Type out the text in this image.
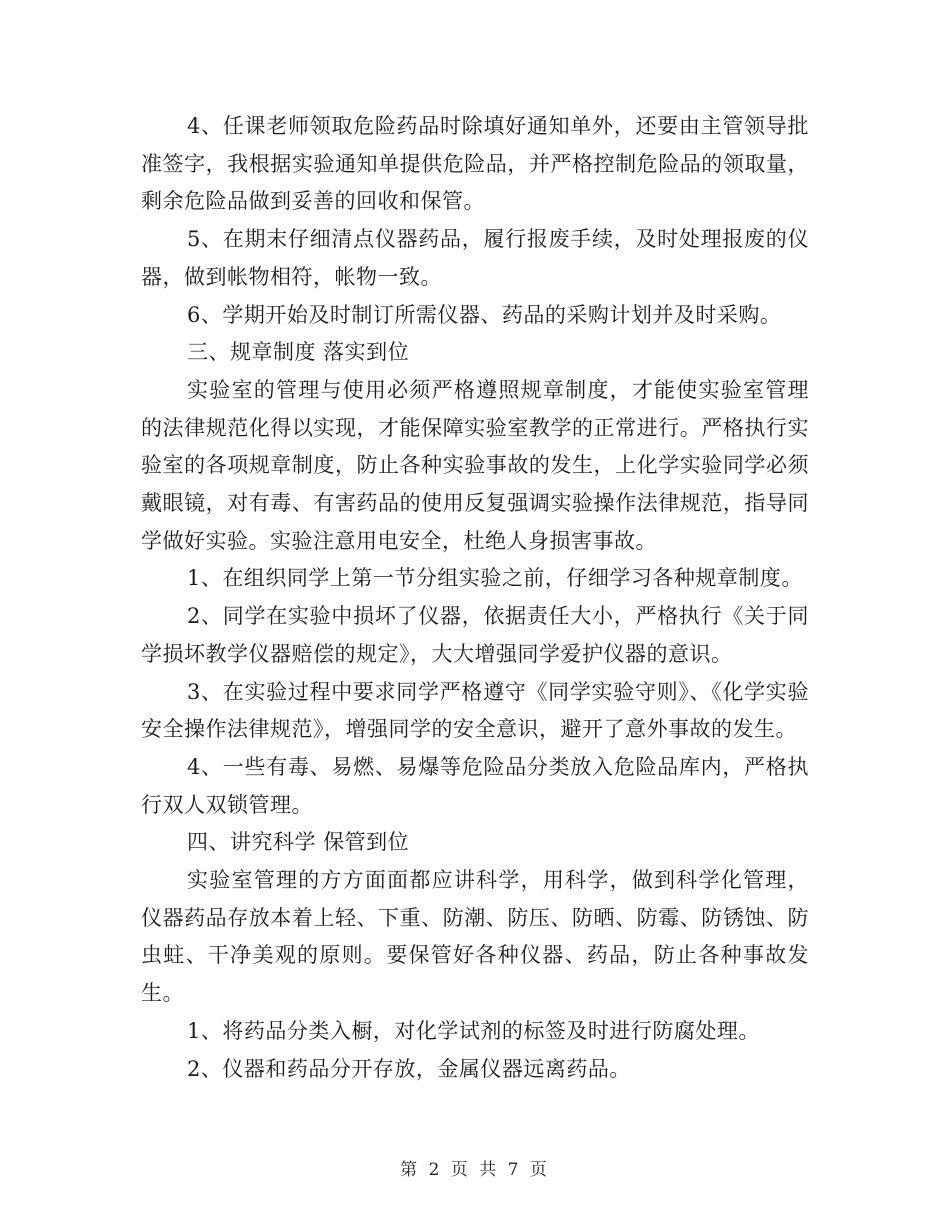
4、任课老师领取危险药品时除填好通知单外，还要由主管领导批准签字，我根据实验通知单提供危险品，并严格控制危险品的领取量，剩余危险品做到妥善的回收和保管。

5、在期末仔细清点仪器药品，履行报废手续，及时处理报废的仪器，做到帐物相符，帐物一致。

6、学期开始及时制订所需仪器、药品的采购计划并及时采购。

三、规章制度 落实到位

实验室的管理与使用必须严格遵照规章制度，才能使实验室管理的法律规范化得以实现，才能保障实验室教学的正常进行。严格执行实验室的各项规章制度，防止各种实验事故的发生，上化学实验同学必须戴眼镜，对有毒、有害药品的使用反复强调实验操作法律规范，指导同学做好实验。实验注意用电安全，杜绝人身损害事故。

1、在组织同学上第一节分组实验之前，仔细学习各种规章制度。

2、同学在实验中损坏了仪器，依据责任大小，严格执行《关于同学损坏教学仪器赔偿的规定》，大大增强同学爱护仪器的意识。

3、在实验过程中要求同学严格遵守《同学实验守则》、《化学实验安全操作法律规范》，增强同学的安全意识，避开了意外事故的发生。

4、一些有毒、易燃、易爆等危险品分类放入危险品库内，严格执行双人双锁管理。

四、讲究科学 保管到位

实验室管理的方方面面都应讲科学，用科学，做到科学化管理，仪器药品存放本着上轻、下重、防潮、防压、防晒、防霉、防锈蚀、防虫蛀、干净美观的原则。要保管好各种仪器、药品，防止各种事故发生。

1、将药品分类入橱，对化学试剂的标签及时进行防腐处理。

2、仪器和药品分开存放，金属仪器远离药品。

第 2 页 共 7 页
